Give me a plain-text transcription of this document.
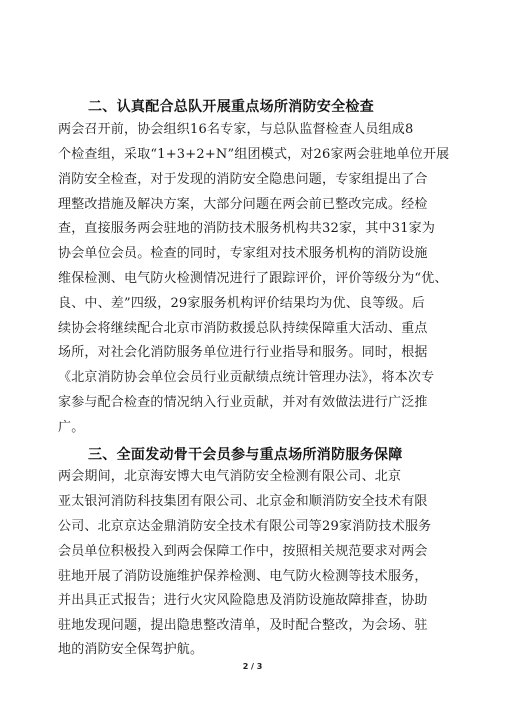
二、认真配合总队开展重点场所消防安全检查
两会召开前，协会组织16名专家，与总队监督检查人员组成8
个检查组，采取“1+3+2+N”组团模式，对26家两会驻地单位开展
消防安全检查，对于发现的消防安全隐患问题，专家组提出了合
理整改措施及解决方案，大部分问题在两会前已整改完成。经检
查，直接服务两会驻地的消防技术服务机构共32家，其中31家为
协会单位会员。检查的同时，专家组对技术服务机构的消防设施
维保检测、电气防火检测情况进行了跟踪评价，评价等级分为“优、
良、中、差”四级，29家服务机构评价结果均为优、良等级。后
续协会将继续配合北京市消防救援总队持续保障重大活动、重点
场所，对社会化消防服务单位进行行业指导和服务。同时，根据
《北京消防协会单位会员行业贡献绩点统计管理办法》，将本次专
家参与配合检查的情况纳入行业贡献，并对有效做法进行广泛推
广。
三、全面发动骨干会员参与重点场所消防服务保障
两会期间，北京海安博大电气消防安全检测有限公司、北京
亚太银河消防科技集团有限公司、北京金和顺消防安全技术有限
公司、北京京达金鼎消防安全技术有限公司等29家消防技术服务
会员单位积极投入到两会保障工作中，按照相关规范要求对两会
驻地开展了消防设施维护保养检测、电气防火检测等技术服务，
并出具正式报告；进行火灾风险隐患及消防设施故障排查，协助
驻地发现问题，提出隐患整改清单，及时配合整改，为会场、驻
地的消防安全保驾护航。
2 / 3
